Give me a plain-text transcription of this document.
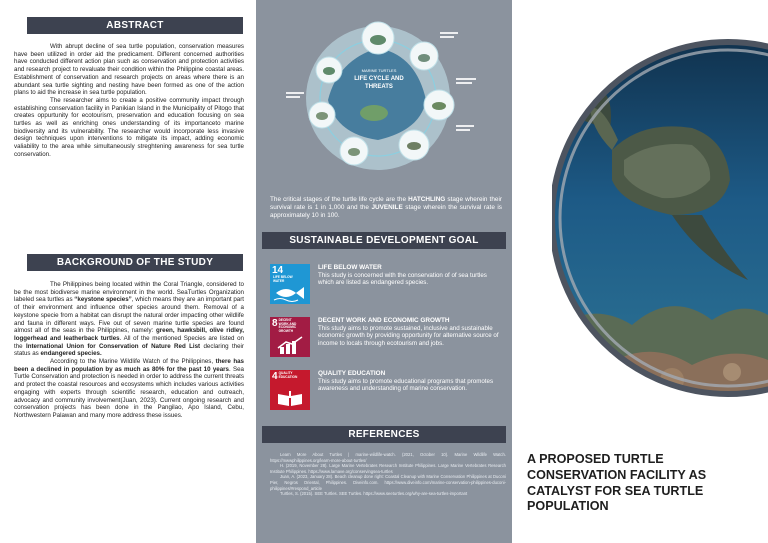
ABSTRACT

With abrupt decline of sea turtle population, conservation measures have been utilized in order aid the predicament. Different concerned authorities have conducted different action plan such as conservation and protection activities and research project to revaluate their condition within the Philippine coastal areas. Establishment of conservation and research projects on areas where there is an abundant sea turtle sighting and nesting have been formed as one of the action plans to aid the increase in sea turtle population.

The researcher aims to create a positive community impact through establishing conservation facility in Panikian Island in the Municipality of Pitogo that creates oppurtunity for ecotourism, preservation and education focusing on sea turtles as well as enriching ones understanding of its importanceto marine biodiversity and its vulnerability. The researcher would incorporate less invasive design techniques upon interventions to mitigate its impact, adding economic valiability to the area while simultaneously streghtening awareness for sea turtle conservation.

BACKGROUND OF THE STUDY

The Philippines being located within the Coral Triangle, considered to be the most biodiverse marine environment in the world. SeaTurtles Organization labeled sea turtles as “keystone species”, which means they are an important part of their environment and influence other species around them. Removal of a keystone specie from a habitat can disrupt the natural order impacting other wildlife and fauna in different ways. Five out of seven marine turtle species are found almost all of the seas in the Philippines, namely: green, hawksbill, olive ridley, loggerhead and leatherback turtles. All of the mentioned Species are listed on the International Union for Conservation of Nature Red List declaring their status as endangered species.

According to the Marine Wildlife Watch of the Philippines, there has been a declined in population by as much as 80% for the past 10 years. Sea Turtle Conservation and protection is needed in order to address the current threats and protect the coastal resources and ecosystems which includes various activities engaging with experts through scientific research, education and outreach, advocacy and community involvement(Juan, 2023). Current ongoing research and conservation projects has been done in the Pangilao, Apo Island, Cebu, Northwestern Palawan and many more address these issues.

MARINE TURTLES
LIFE CYCLE AND
THREATS
The critical stages of the turtle life cycle are the HATCHLING stage wherein their survival rate is 1 in 1,000 and the JUVENILE stage wherein the survival rate is approximately 10 in 100.
SUSTAINABLE DEVELOPMENT GOAL
14LIFE BELOW WATER
LIFE BELOW WATER
This study is concerned with the conservation of of sea turtles which are listed as endangered species.
8DECENT WORK AND ECONOMIC GROWTH
DECENT WORK AND ECONOMIC GROWTH
This study aims to promote sustained, inclusive and sustainable economic growth by providing opportunity for alternative source of income to locals through ecotourism and jobs.
4QUALITY EDUCATION	QUALITY EDUCATION
This study aims to promote educational programs that promotes awareness and understanding of marine conservation.
REFERENCES

Learn More About Turtles | marine-wildlife-watch. (2021, October 10). Marine Wildlife Watch. https://mwwphilippines.org/learn-more-about-turtles/

H. (2019, November 28). Large Marine Vertebrates Research Institute Philippines. Large Marine Vertebrates Research Institute Philippines. https://www.lamave.org/conservingsea-turtles

Juan, A. (2023, January 28). Beach cleanup done right: Coastal Cleanup with Marine Conservation Philippines at Duconi Pier, Negros Oriental, Philippines. Diveinfo.com. https://www.diveinfo.com/marine-conservation-philippines-duconi-philippines/#respond_article

Turtles, S. (2015). SEE Turtles. SEE Turtles. https://www.seeturtles.org/why-are-sea-turtles-important

A PROPOSED TURTLE CONSERVATION FACILITY AS CATALYST FOR SEA TURTLE POPULATION
